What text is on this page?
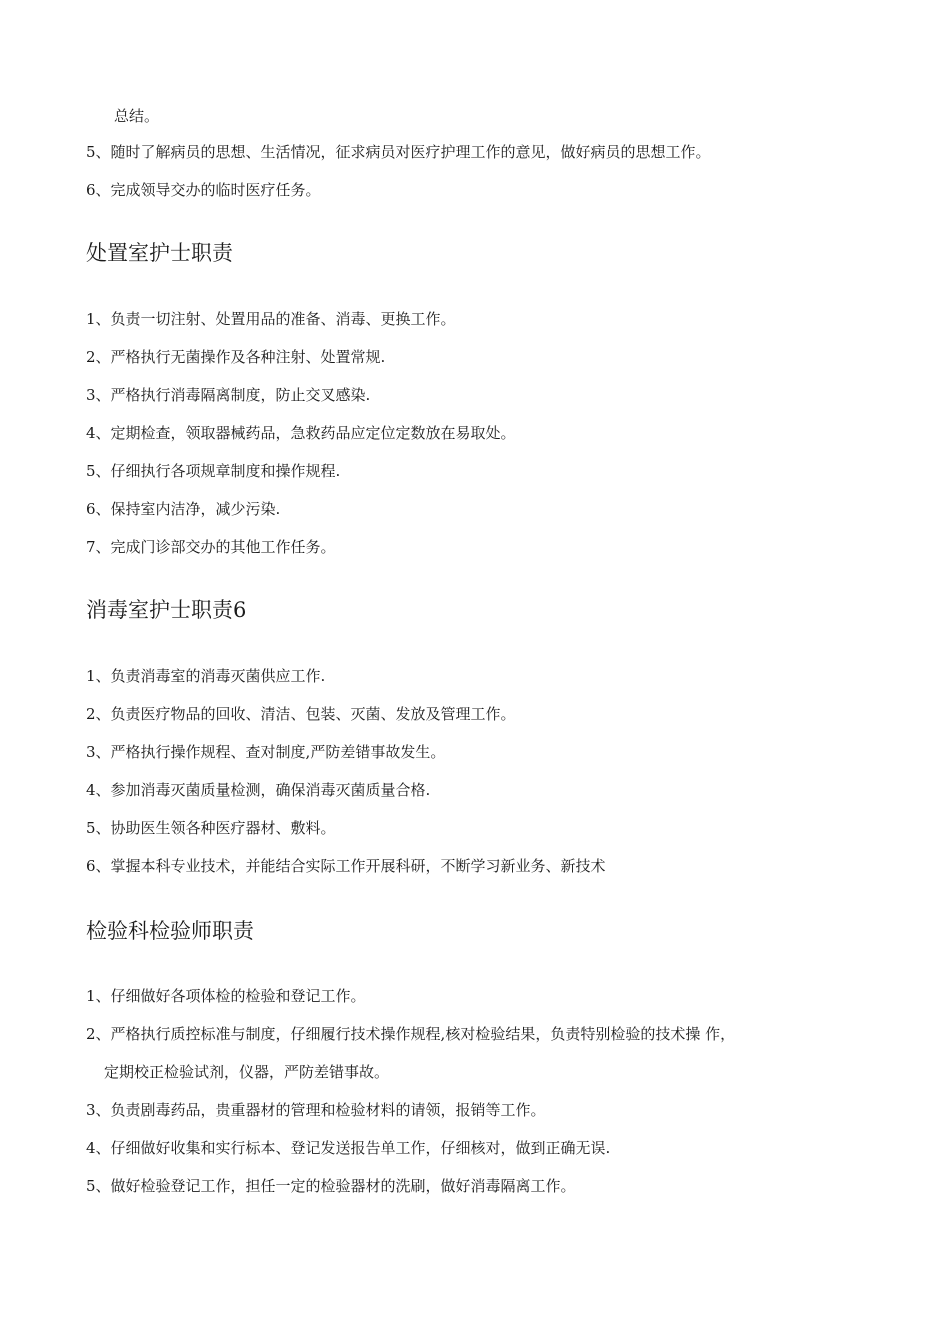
总结。
5、随时了解病员的思想、生活情况，征求病员对医疗护理工作的意见，做好病员的思想工作。
6、完成领导交办的临时医疗任务。
处置室护士职责
1、负责一切注射、处置用品的准备、消毒、更换工作。
2、严格执行无菌操作及各种注射、处置常规.
3、严格执行消毒隔离制度，防止交叉感染.
4、定期检查，领取器械药品，急救药品应定位定数放在易取处。
5、仔细执行各项规章制度和操作规程.
6、保持室内洁净，减少污染.
7、完成门诊部交办的其他工作任务。
消毒室护士职责6
1、负责消毒室的消毒灭菌供应工作.
2、负责医疗物品的回收、清洁、包装、灭菌、发放及管理工作。
3、严格执行操作规程、查对制度,严防差错事故发生。
4、参加消毒灭菌质量检测，确保消毒灭菌质量合格.
5、协助医生领各种医疗器材、敷料。
6、掌握本科专业技术，并能结合实际工作开展科研，不断学习新业务、新技术
检验科检验师职责
1、仔细做好各项体检的检验和登记工作。
2、严格执行质控标准与制度，仔细履行技术操作规程,核对检验结果，负责特别检验的技术操 作，
定期校正检验试剂，仪器，严防差错事故。
3、负责剧毒药品，贵重器材的管理和检验材料的请领，报销等工作。
4、仔细做好收集和实行标本、登记发送报告单工作，仔细核对，做到正确无误.
5、做好检验登记工作，担任一定的检验器材的洗刷，做好消毒隔离工作。
